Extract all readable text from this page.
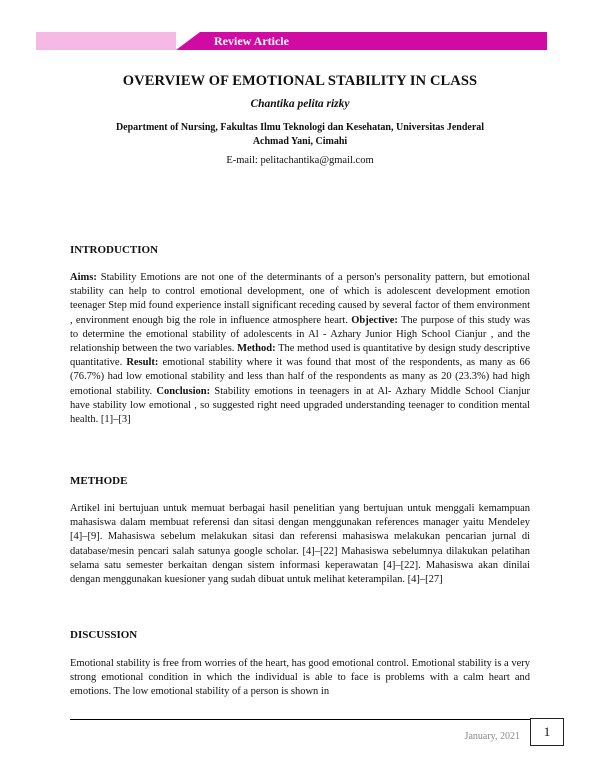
Review Article
OVERVIEW OF EMOTIONAL STABILITY IN CLASS
Chantika pelita rizky
Department of Nursing, Fakultas Ilmu Teknologi dan Kesehatan, Universitas Jenderal Achmad Yani, Cimahi
E-mail: pelitachantika@gmail.com
INTRODUCTION

Aims: Stability Emotions are not one of the determinants of a person's personality pattern, but emotional stability can help to control emotional development, one of which is adolescent development emotion teenager Step mid found experience install significant receding caused by several factor of them environment , environment enough big the role in influence atmosphere heart. Objective: The purpose of this study was to determine the emotional stability of adolescents in Al - Azhary Junior High School Cianjur , and the relationship between the two variables. Method: The method used is quantitative by design study descriptive quantitative. Result: emotional stability where it was found that most of the respondents, as many as 66 (76.7%) had low emotional stability and less than half of the respondents as many as 20 (23.3%) had high emotional stability. Conclusion: Stability emotions in teenagers in at Al- Azhary Middle School Cianjur have stability low emotional , so suggested right need upgraded understanding teenager to condition mental health. [1]–[3]

METHODE

Artikel ini bertujuan untuk memuat berbagai hasil penelitian yang bertujuan untuk menggali kemampuan mahasiswa dalam membuat referensi dan sitasi dengan menggunakan references manager yaitu Mendeley [4]–[9]. Mahasiswa sebelum melakukan sitasi dan referensi mahasiswa melakukan pencarian jurnal di database/mesin pencari salah satunya google scholar. [4]–[22] Mahasiswa sebelumnya dilakukan pelatihan selama satu semester berkaitan dengan sistem informasi keperawatan [4]–[22]. Mahasiswa akan dinilai dengan menggunakan kuesioner yang sudah dibuat untuk melihat keterampilan. [4]–[27]

DISCUSSION

Emotional stability is free from worries of the heart, has good emotional control. Emotional stability is a very strong emotional condition in which the individual is able to face is problems with a calm heart and emotions. The low emotional stability of a person is shown in

January, 2021	1
